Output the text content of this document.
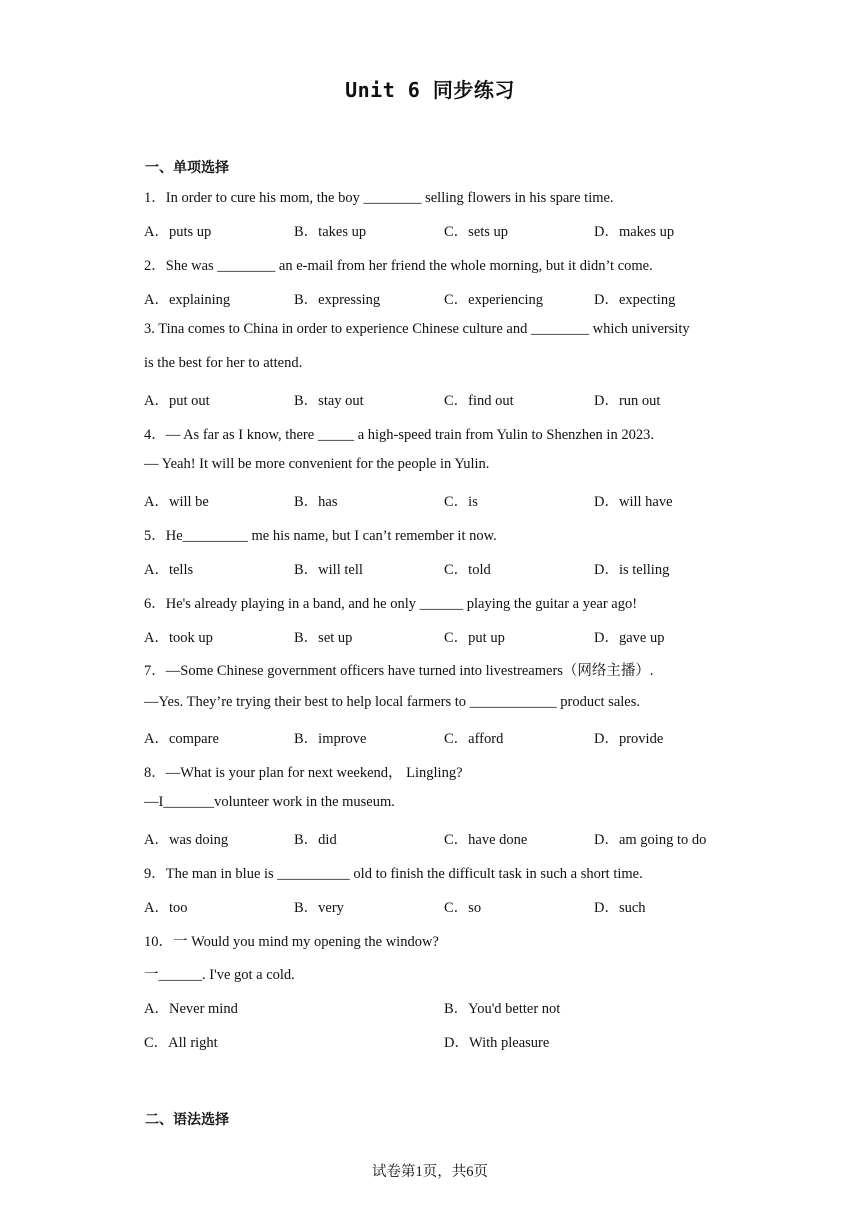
Unit 6 同步练习
一、单项选择
1．In order to cure his mom, the boy ________ selling flowers in his spare time.
A．puts up	B．takes up	C．sets up	D．makes up
2．She was ________ an e-mail from her friend the whole morning, but it didn’t come.
A．explaining	B．expressing	C．experiencing	D．expecting
3. Tina comes to China in order to experience Chinese culture and ________ which university
is the best for her to attend.
A．put out	B．stay out	C．find out	D．run out
4．— As far as I know, there _____ a high-speed train from Yulin to Shenzhen in 2023.
— Yeah! It will be more convenient for the people in Yulin.
A．will be	B．has	C．is	D．will have
5．He_________ me his name, but I can’t remember it now.
A．tells	B．will tell	C．told	D．is telling
6．He's already playing in a band, and he only ______ playing the guitar a year ago!
A．took up	B．set up	C．put up	D．gave up
7．—Some Chinese government officers have turned into livestreamers（网络主播）.
—Yes. They’re trying their best to help local farmers to ____________ product sales.
A．compare	B．improve	C．afford	D．provide
8．—What is your plan for next weekend， Lingling?
—I_______volunteer work in the museum.
A．was doing	B．did	C．have done	D．am going to do
9．The man in blue is __________ old to finish the difficult task in such a short time.
A．too	B．very	C．so	D．such
10．一 Would you mind my opening the window?
一______. I've got a cold.
A．Never mind	B．You'd better not
C．All right	D．With pleasure
二、语法选择
试卷第1页，共6页
